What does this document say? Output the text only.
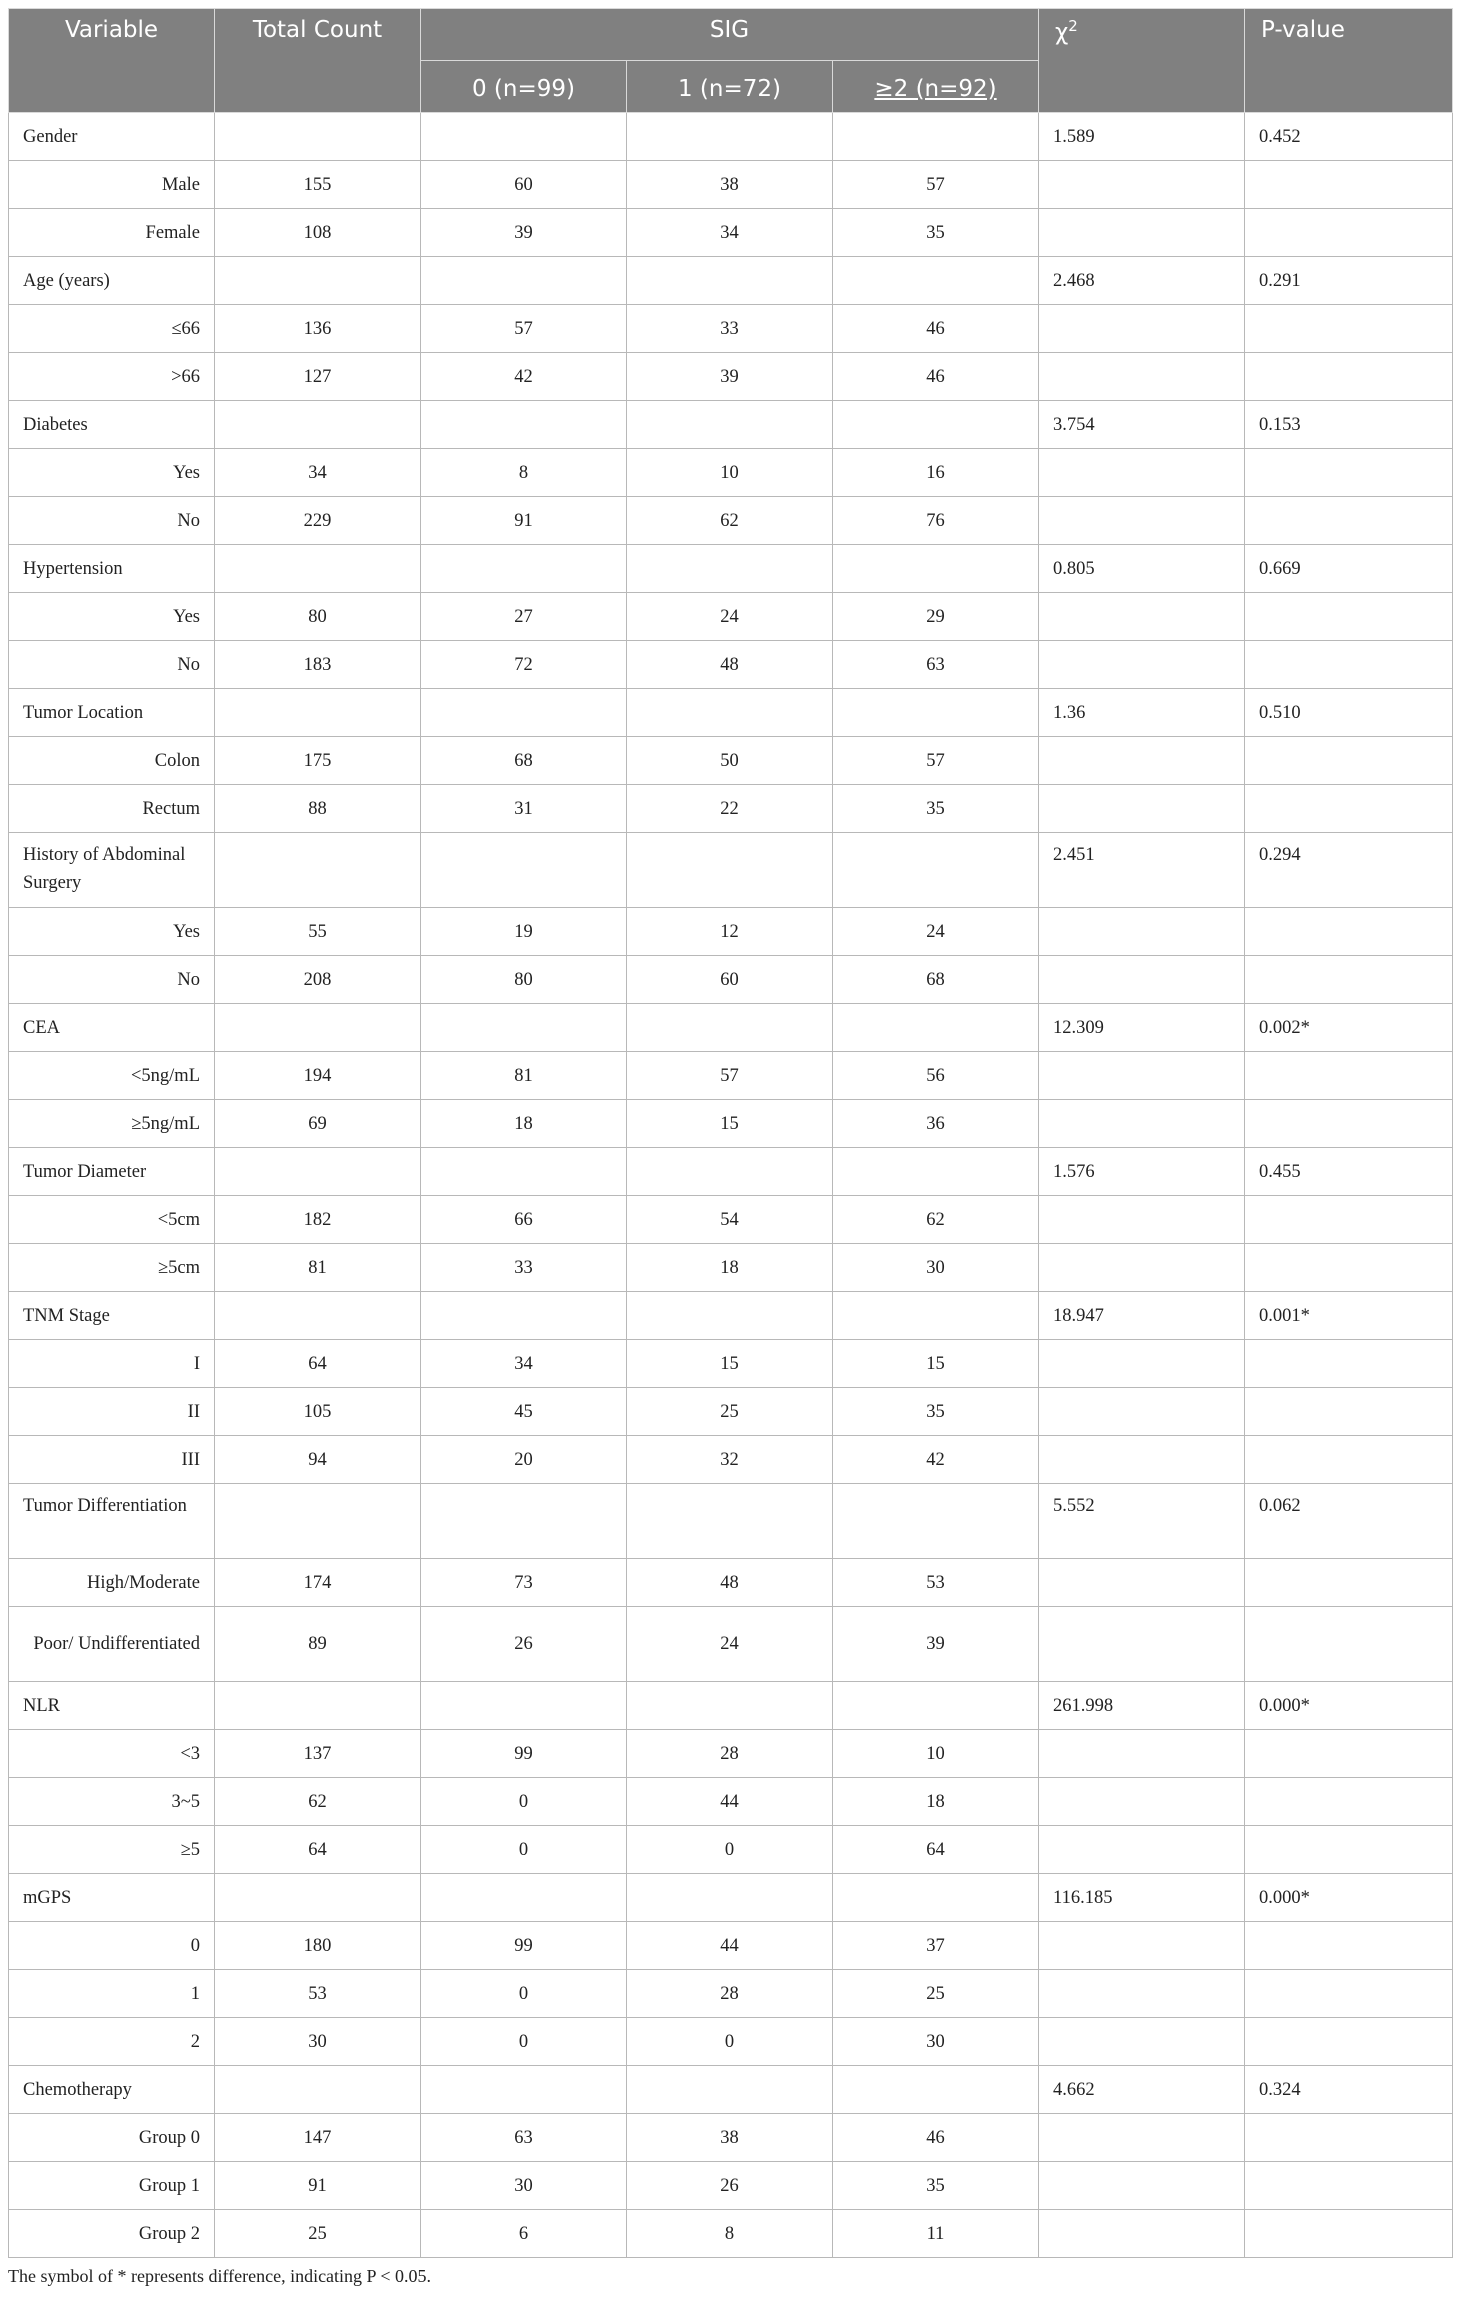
Variable	Total Count	SIG			$\chi^2$	P-value
		0 (n=99)	1 (n=72)	≥2 (n=92)		
Gender					1.589	0.452
Male	155	60	38	57		
Female	108	39	34	35		
Age (years)					2.468	0.291
≤66	136	57	33	46		
>66	127	42	39	46		
Diabetes					3.754	0.153
Yes	34	8	10	16		
No	229	91	62	76		
Hypertension					0.805	0.669
Yes	80	27	24	29		
No	183	72	48	63		
Tumor Location					1.36	0.510
Colon	175	68	50	57		
Rectum	88	31	22	35		
History of Abdominal Surgery					2.451	0.294
Yes	55	19	12	24		
No	208	80	60	68		
CEA					12.309	0.002*
<5ng/mL	194	81	57	56		
≥5ng/mL	69	18	15	36		
Tumor Diameter					1.576	0.455
<5cm	182	66	54	62		
≥5cm	81	33	18	30		
TNM Stage					18.947	0.001*
I	64	34	15	15		
II	105	45	25	35		
III	94	20	32	42		
Tumor Differentiation					5.552	0.062
High/Moderate	174	73	48	53		
Poor/ Undifferentiated	89	26	24	39		
NLR					261.998	0.000*
<3	137	99	28	10		
3~5	62	0	44	18		
≥5	64	0	0	64		
mGPS					116.185	0.000*
0	180	99	44	37		
1	53	0	28	25		
2	30	0	0	30		
Chemotherapy					4.662	0.324
Group 0	147	63	38	46		
Group 1	91	30	26	35		
Group 2	25	6	8	11		
The symbol of * represents difference, indicating P < 0.05.
